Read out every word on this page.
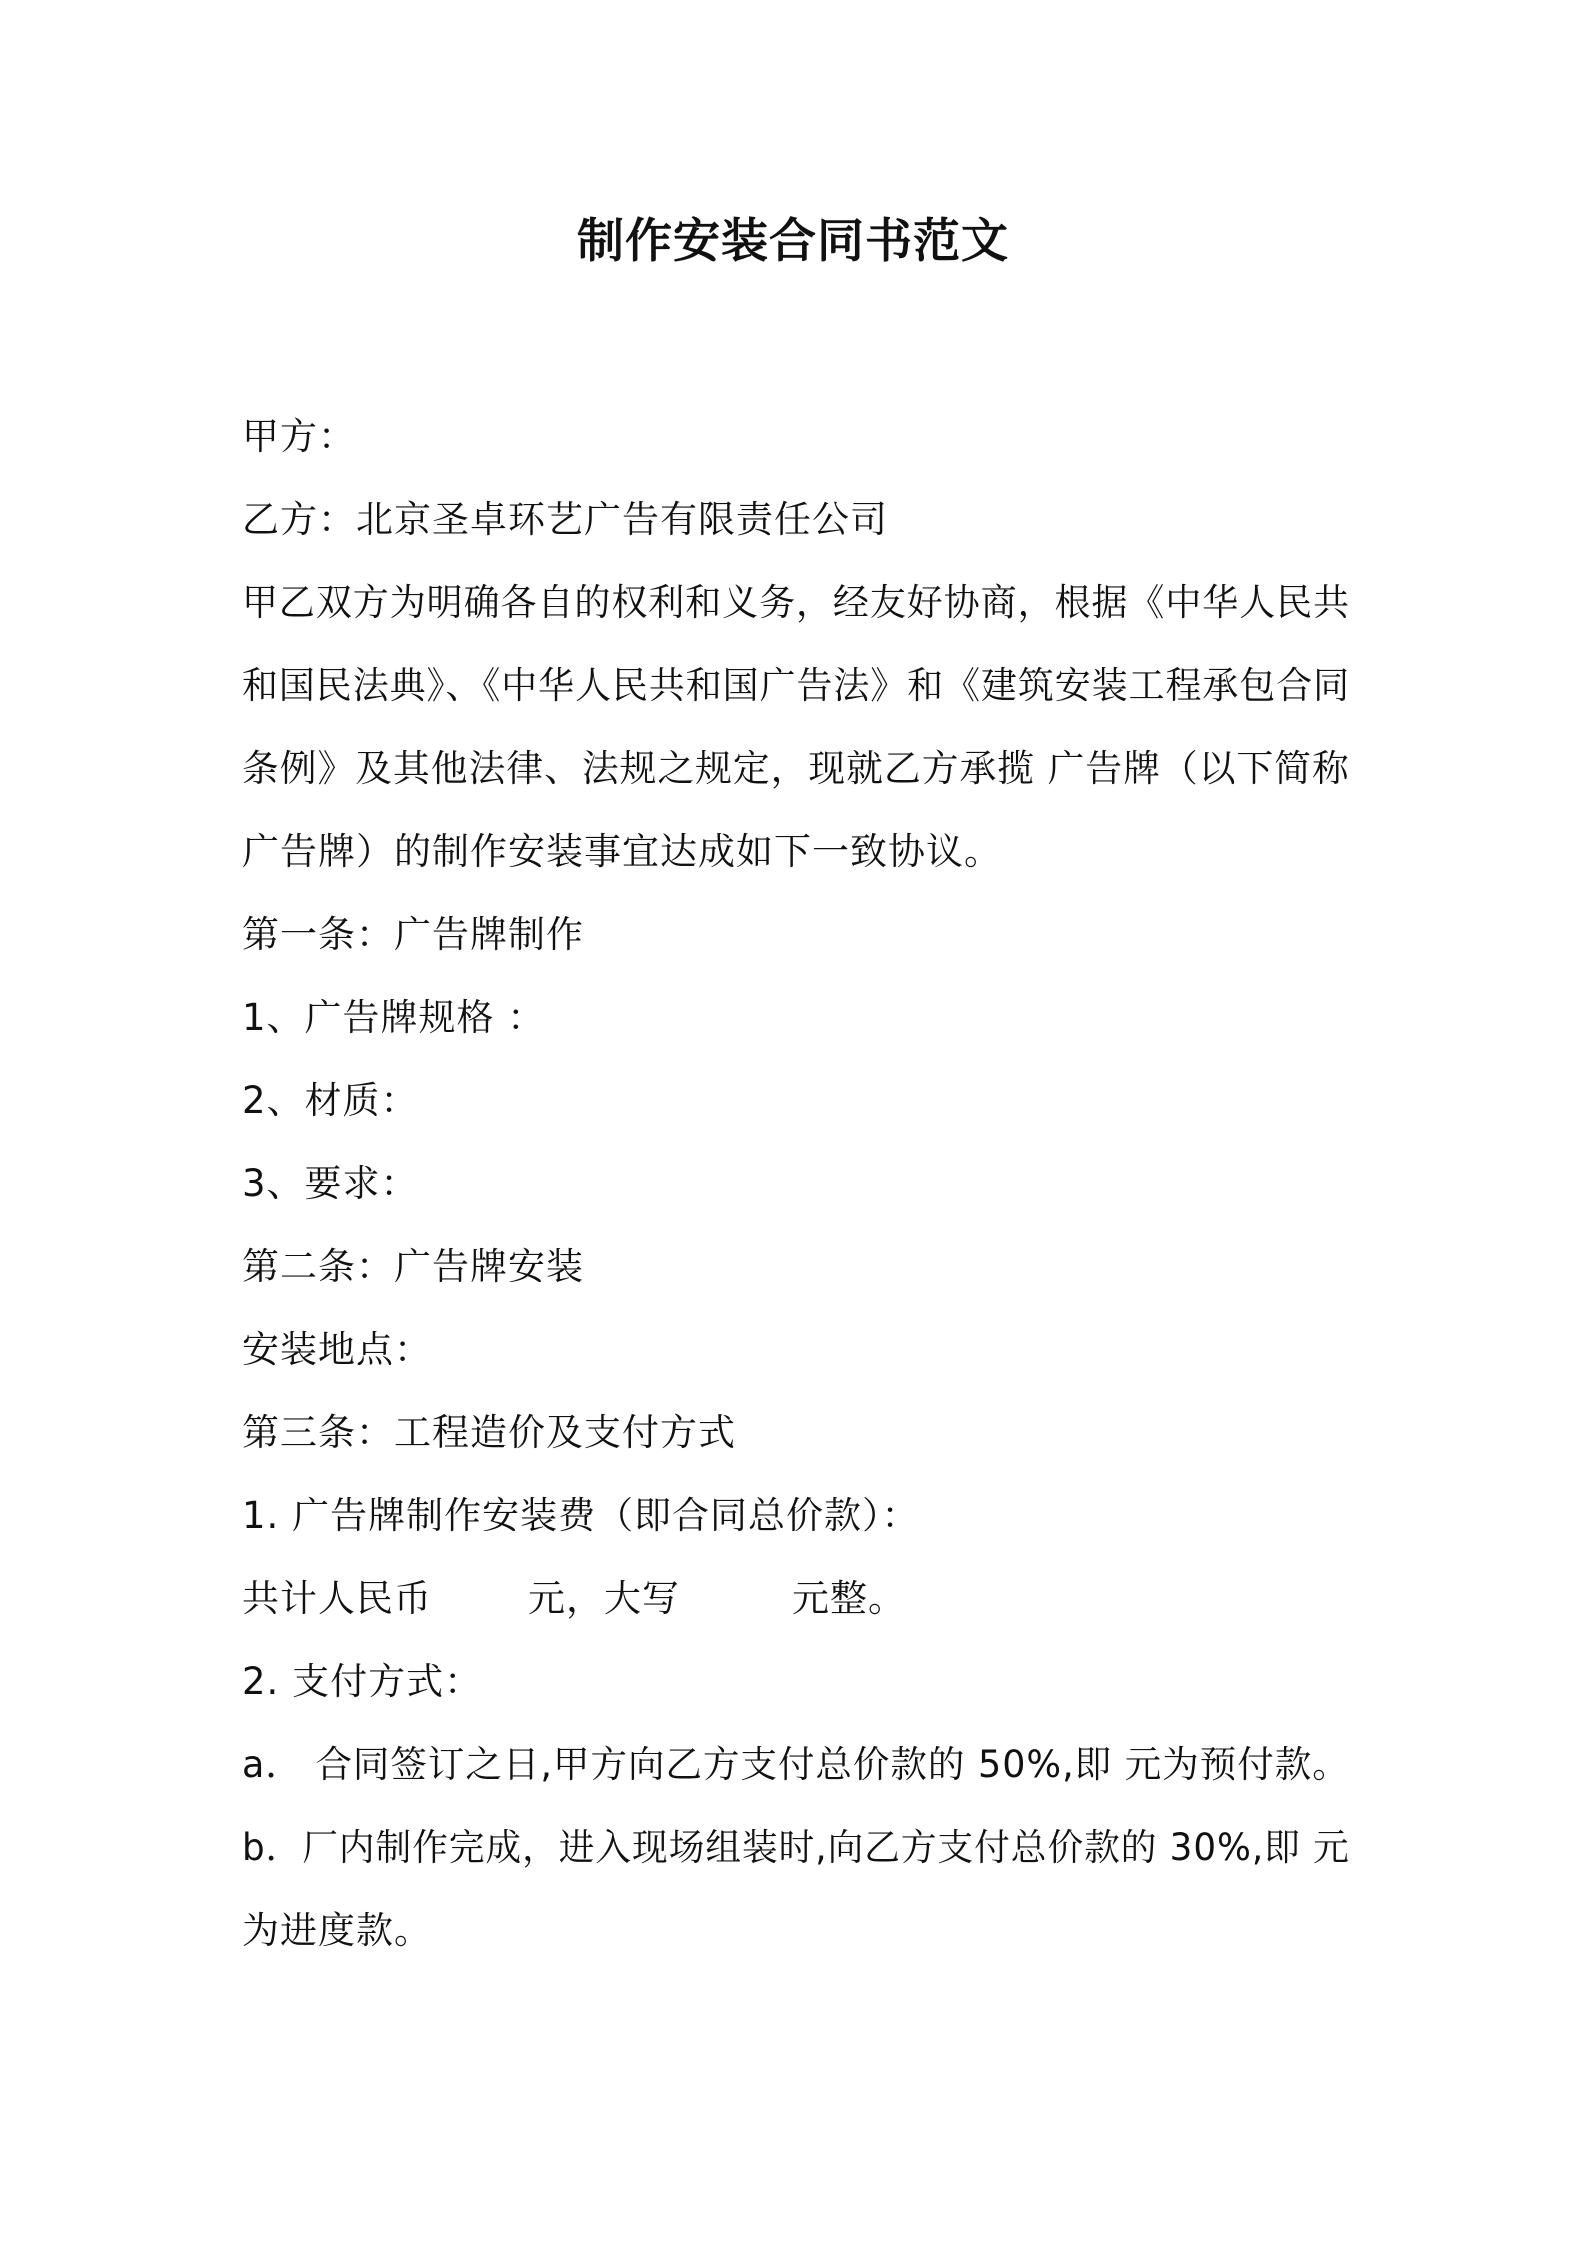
制作安装合同书范文
甲方：
乙方：北京圣卓环艺广告有限责任公司
甲乙双方为明确各自的权利和义务，经友好协商，根据《中华人民共
和国民法典》、《中华人民共和国广告法》和《建筑安装工程承包合同
条例》及其他法律、法规之规定，现就乙方承揽 广告牌（以下简称
广告牌）的制作安装事宜达成如下一致协议。
第一条：广告牌制作
1、广告牌规格 ：
2、材质：
3、要求：
第二条：广告牌安装
安装地点：
第三条：工程造价及支付方式
1. 广告牌制作安装费（即合同总价款）：
共计人民币	元，大写	元整。
2. 支付方式：
a． 合同签订之日,甲方向乙方支付总价款的 50%,即 元为预付款。
b．厂内制作完成，进入现场组装时,向乙方支付总价款的 30%,即 元
为进度款。
